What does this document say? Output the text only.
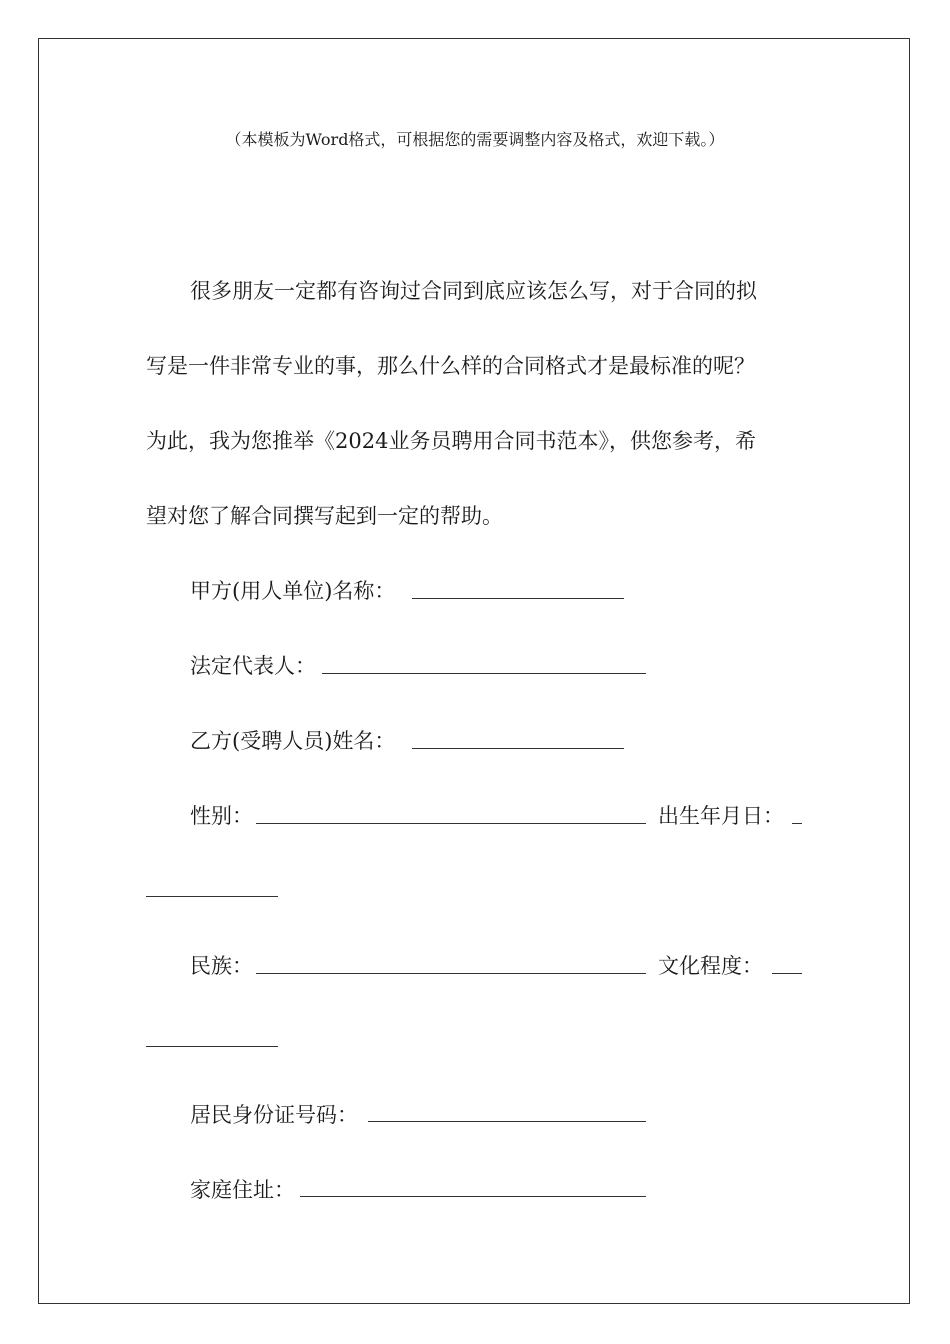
（本模板为Word格式，可根据您的需要调整内容及格式，欢迎下载。）
很多朋友一定都有咨询过合同到底应该怎么写，对于合同的拟
写是一件非常专业的事，那么什么样的合同格式才是最标准的呢？
为此，我为您推举《2024业务员聘用合同书范本》，供您参考，希
望对您了解合同撰写起到一定的帮助。
甲方(用人单位)名称：
法定代表人：
乙方(受聘人员)姓名：
性别：	出生年月日：
民族：	文化程度：
居民身份证号码：
家庭住址：
